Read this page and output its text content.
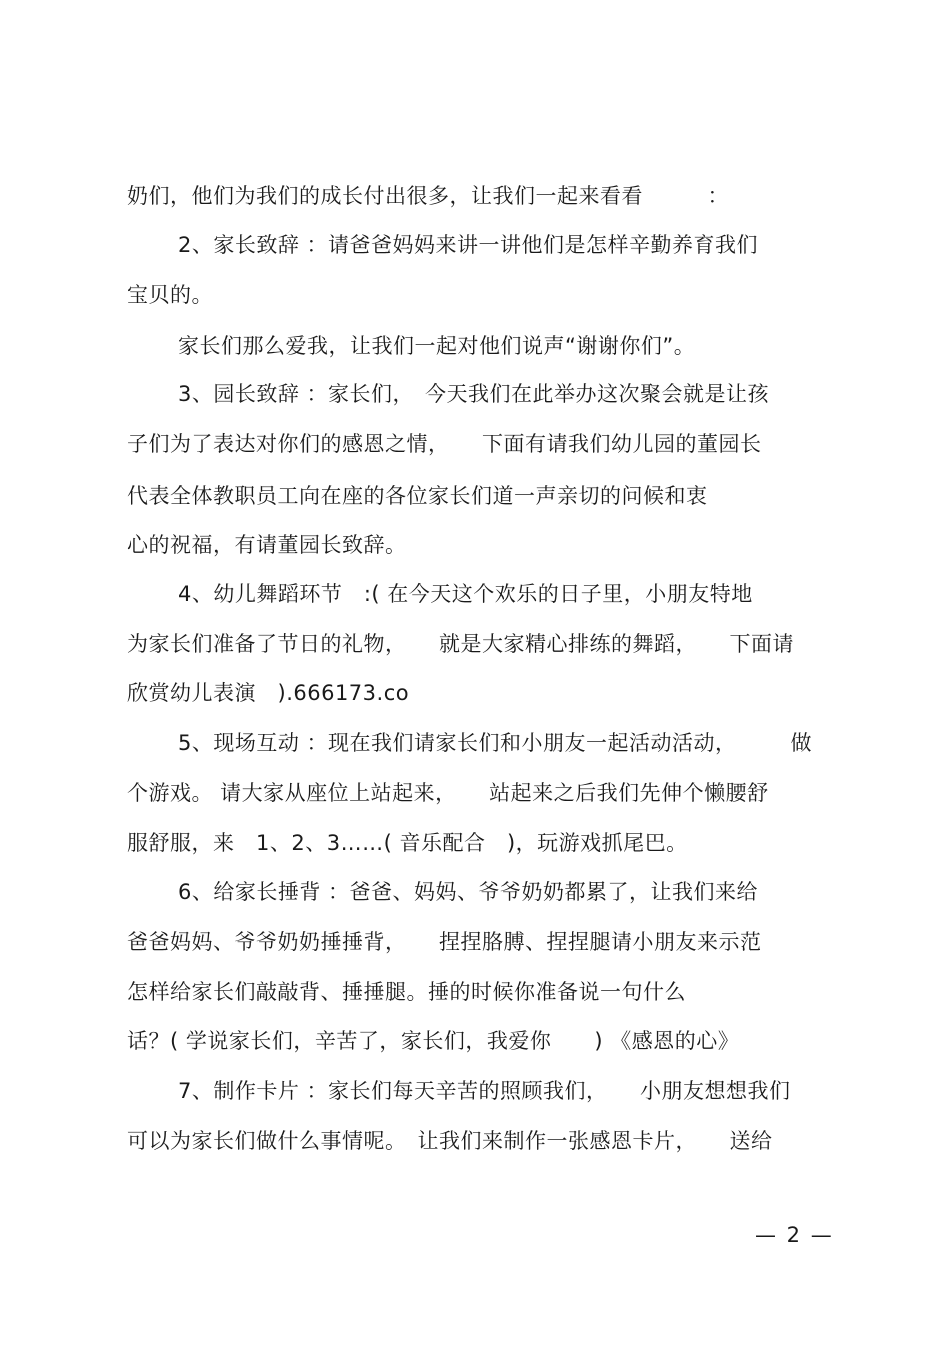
奶们，他们为我们的成长付出很多，让我们一起来看看　　　：
2、家长致辞 ：请爸爸妈妈来讲一讲他们是怎样辛勤养育我们
宝贝的。
家长们那么爱我，让我们一起对他们说声“谢谢你们”。
3、园长致辞 ：家长们，　今天我们在此举办这次聚会就是让孩
子们为了表达对你们的感恩之情，　　下面有请我们幼儿园的董园长
代表全体教职员工向在座的各位家长们道一声亲切的问候和衷
心的祝福，有请董园长致辞。
4、幼儿舞蹈环节　:( 在今天这个欢乐的日子里，小朋友特地
为家长们准备了节日的礼物，　　就是大家精心排练的舞蹈，　　下面请
欣赏幼儿表演　).666173.co
5、现场互动 ：现在我们请家长们和小朋友一起活动活动，　　　做
个游戏。 请大家从座位上站起来，　　站起来之后我们先伸个懒腰舒
服舒服，来　1、2、3……( 音乐配合　)，玩游戏抓尾巴。
6、给家长捶背 ：爸爸、妈妈、爷爷奶奶都累了，让我们来给
爸爸妈妈、爷爷奶奶捶捶背，　　捏捏胳膊、捏捏腿请小朋友来示范
怎样给家长们敲敲背、捶捶腿。捶的时候你准备说一句什么
话？( 学说家长们，辛苦了，家长们，我爱你　　) 《感恩的心》
7、制作卡片 ：家长们每天辛苦的照顾我们，　　小朋友想想我们
可以为家长们做什么事情呢。　让我们来制作一张感恩卡片，　　送给
— 2 —
